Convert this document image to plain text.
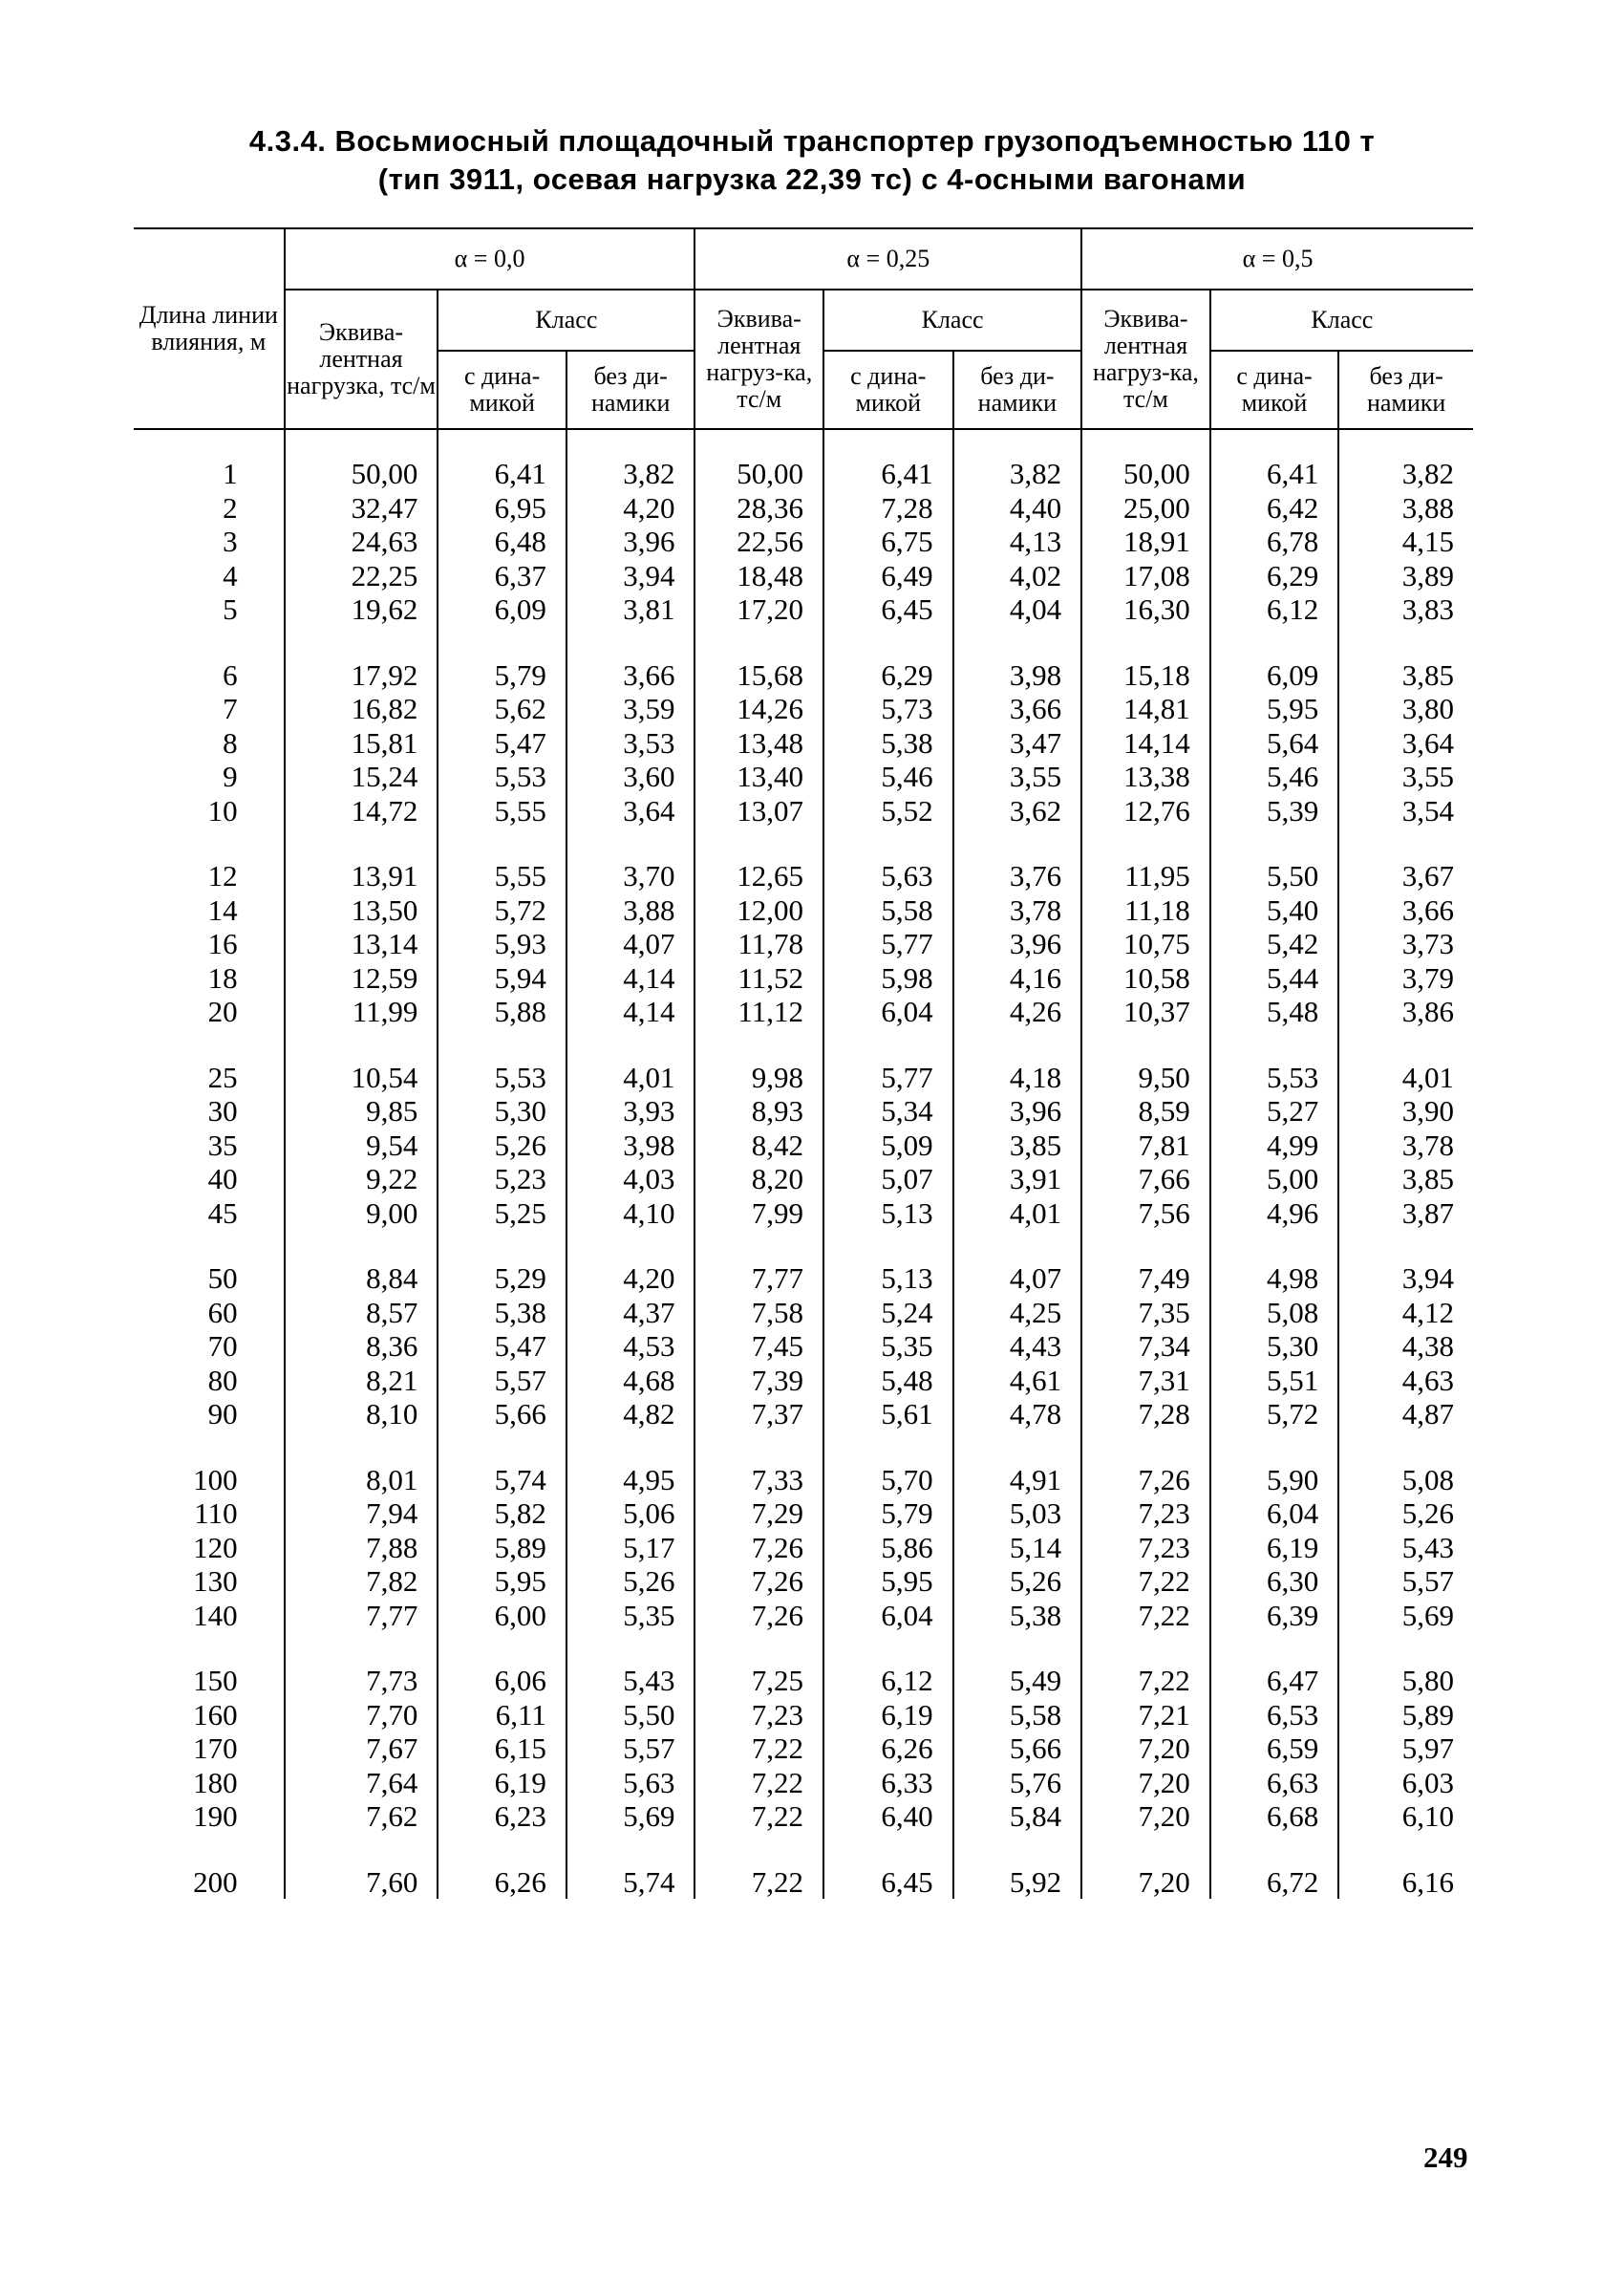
4.3.4. Восьмиосный площадочный транспортер грузоподъемностью 110 т
(тип 3911, осевая нагрузка 22,39 тс) с 4-осными вагонами
Длина линии влияния, м	α = 0,0			α = 0,25			α = 0,5		
	Эквива-лентная нагрузка, тс/м	Класс		Эквива-лентная нагруз-ка, тс/м	Класс		Эквива-лентная нагруз-ка, тс/м	Класс	
		с дина-микой	без ди-намики		с дина-микой	без ди-намики		с дина-микой	без ди-намики

1	50,00	6,41	3,82	50,00	6,41	3,82	50,00	6,41	3,82
2	32,47	6,95	4,20	28,36	7,28	4,40	25,00	6,42	3,88
3	24,63	6,48	3,96	22,56	6,75	4,13	18,91	6,78	4,15
4	22,25	6,37	3,94	18,48	6,49	4,02	17,08	6,29	3,89
5	19,62	6,09	3,81	17,20	6,45	4,04	16,30	6,12	3,83
6	17,92	5,79	3,66	15,68	6,29	3,98	15,18	6,09	3,85
7	16,82	5,62	3,59	14,26	5,73	3,66	14,81	5,95	3,80
8	15,81	5,47	3,53	13,48	5,38	3,47	14,14	5,64	3,64
9	15,24	5,53	3,60	13,40	5,46	3,55	13,38	5,46	3,55
10	14,72	5,55	3,64	13,07	5,52	3,62	12,76	5,39	3,54
12	13,91	5,55	3,70	12,65	5,63	3,76	11,95	5,50	3,67
14	13,50	5,72	3,88	12,00	5,58	3,78	11,18	5,40	3,66
16	13,14	5,93	4,07	11,78	5,77	3,96	10,75	5,42	3,73
18	12,59	5,94	4,14	11,52	5,98	4,16	10,58	5,44	3,79
20	11,99	5,88	4,14	11,12	6,04	4,26	10,37	5,48	3,86
25	10,54	5,53	4,01	9,98	5,77	4,18	9,50	5,53	4,01
30	9,85	5,30	3,93	8,93	5,34	3,96	8,59	5,27	3,90
35	9,54	5,26	3,98	8,42	5,09	3,85	7,81	4,99	3,78
40	9,22	5,23	4,03	8,20	5,07	3,91	7,66	5,00	3,85
45	9,00	5,25	4,10	7,99	5,13	4,01	7,56	4,96	3,87
50	8,84	5,29	4,20	7,77	5,13	4,07	7,49	4,98	3,94
60	8,57	5,38	4,37	7,58	5,24	4,25	7,35	5,08	4,12
70	8,36	5,47	4,53	7,45	5,35	4,43	7,34	5,30	4,38
80	8,21	5,57	4,68	7,39	5,48	4,61	7,31	5,51	4,63
90	8,10	5,66	4,82	7,37	5,61	4,78	7,28	5,72	4,87
100	8,01	5,74	4,95	7,33	5,70	4,91	7,26	5,90	5,08
110	7,94	5,82	5,06	7,29	5,79	5,03	7,23	6,04	5,26
120	7,88	5,89	5,17	7,26	5,86	5,14	7,23	6,19	5,43
130	7,82	5,95	5,26	7,26	5,95	5,26	7,22	6,30	5,57
140	7,77	6,00	5,35	7,26	6,04	5,38	7,22	6,39	5,69
150	7,73	6,06	5,43	7,25	6,12	5,49	7,22	6,47	5,80
160	7,70	6,11	5,50	7,23	6,19	5,58	7,21	6,53	5,89
170	7,67	6,15	5,57	7,22	6,26	5,66	7,20	6,59	5,97
180	7,64	6,19	5,63	7,22	6,33	5,76	7,20	6,63	6,03
190	7,62	6,23	5,69	7,22	6,40	5,84	7,20	6,68	6,10
200	7,60	6,26	5,74	7,22	6,45	5,92	7,20	6,72	6,16
249
